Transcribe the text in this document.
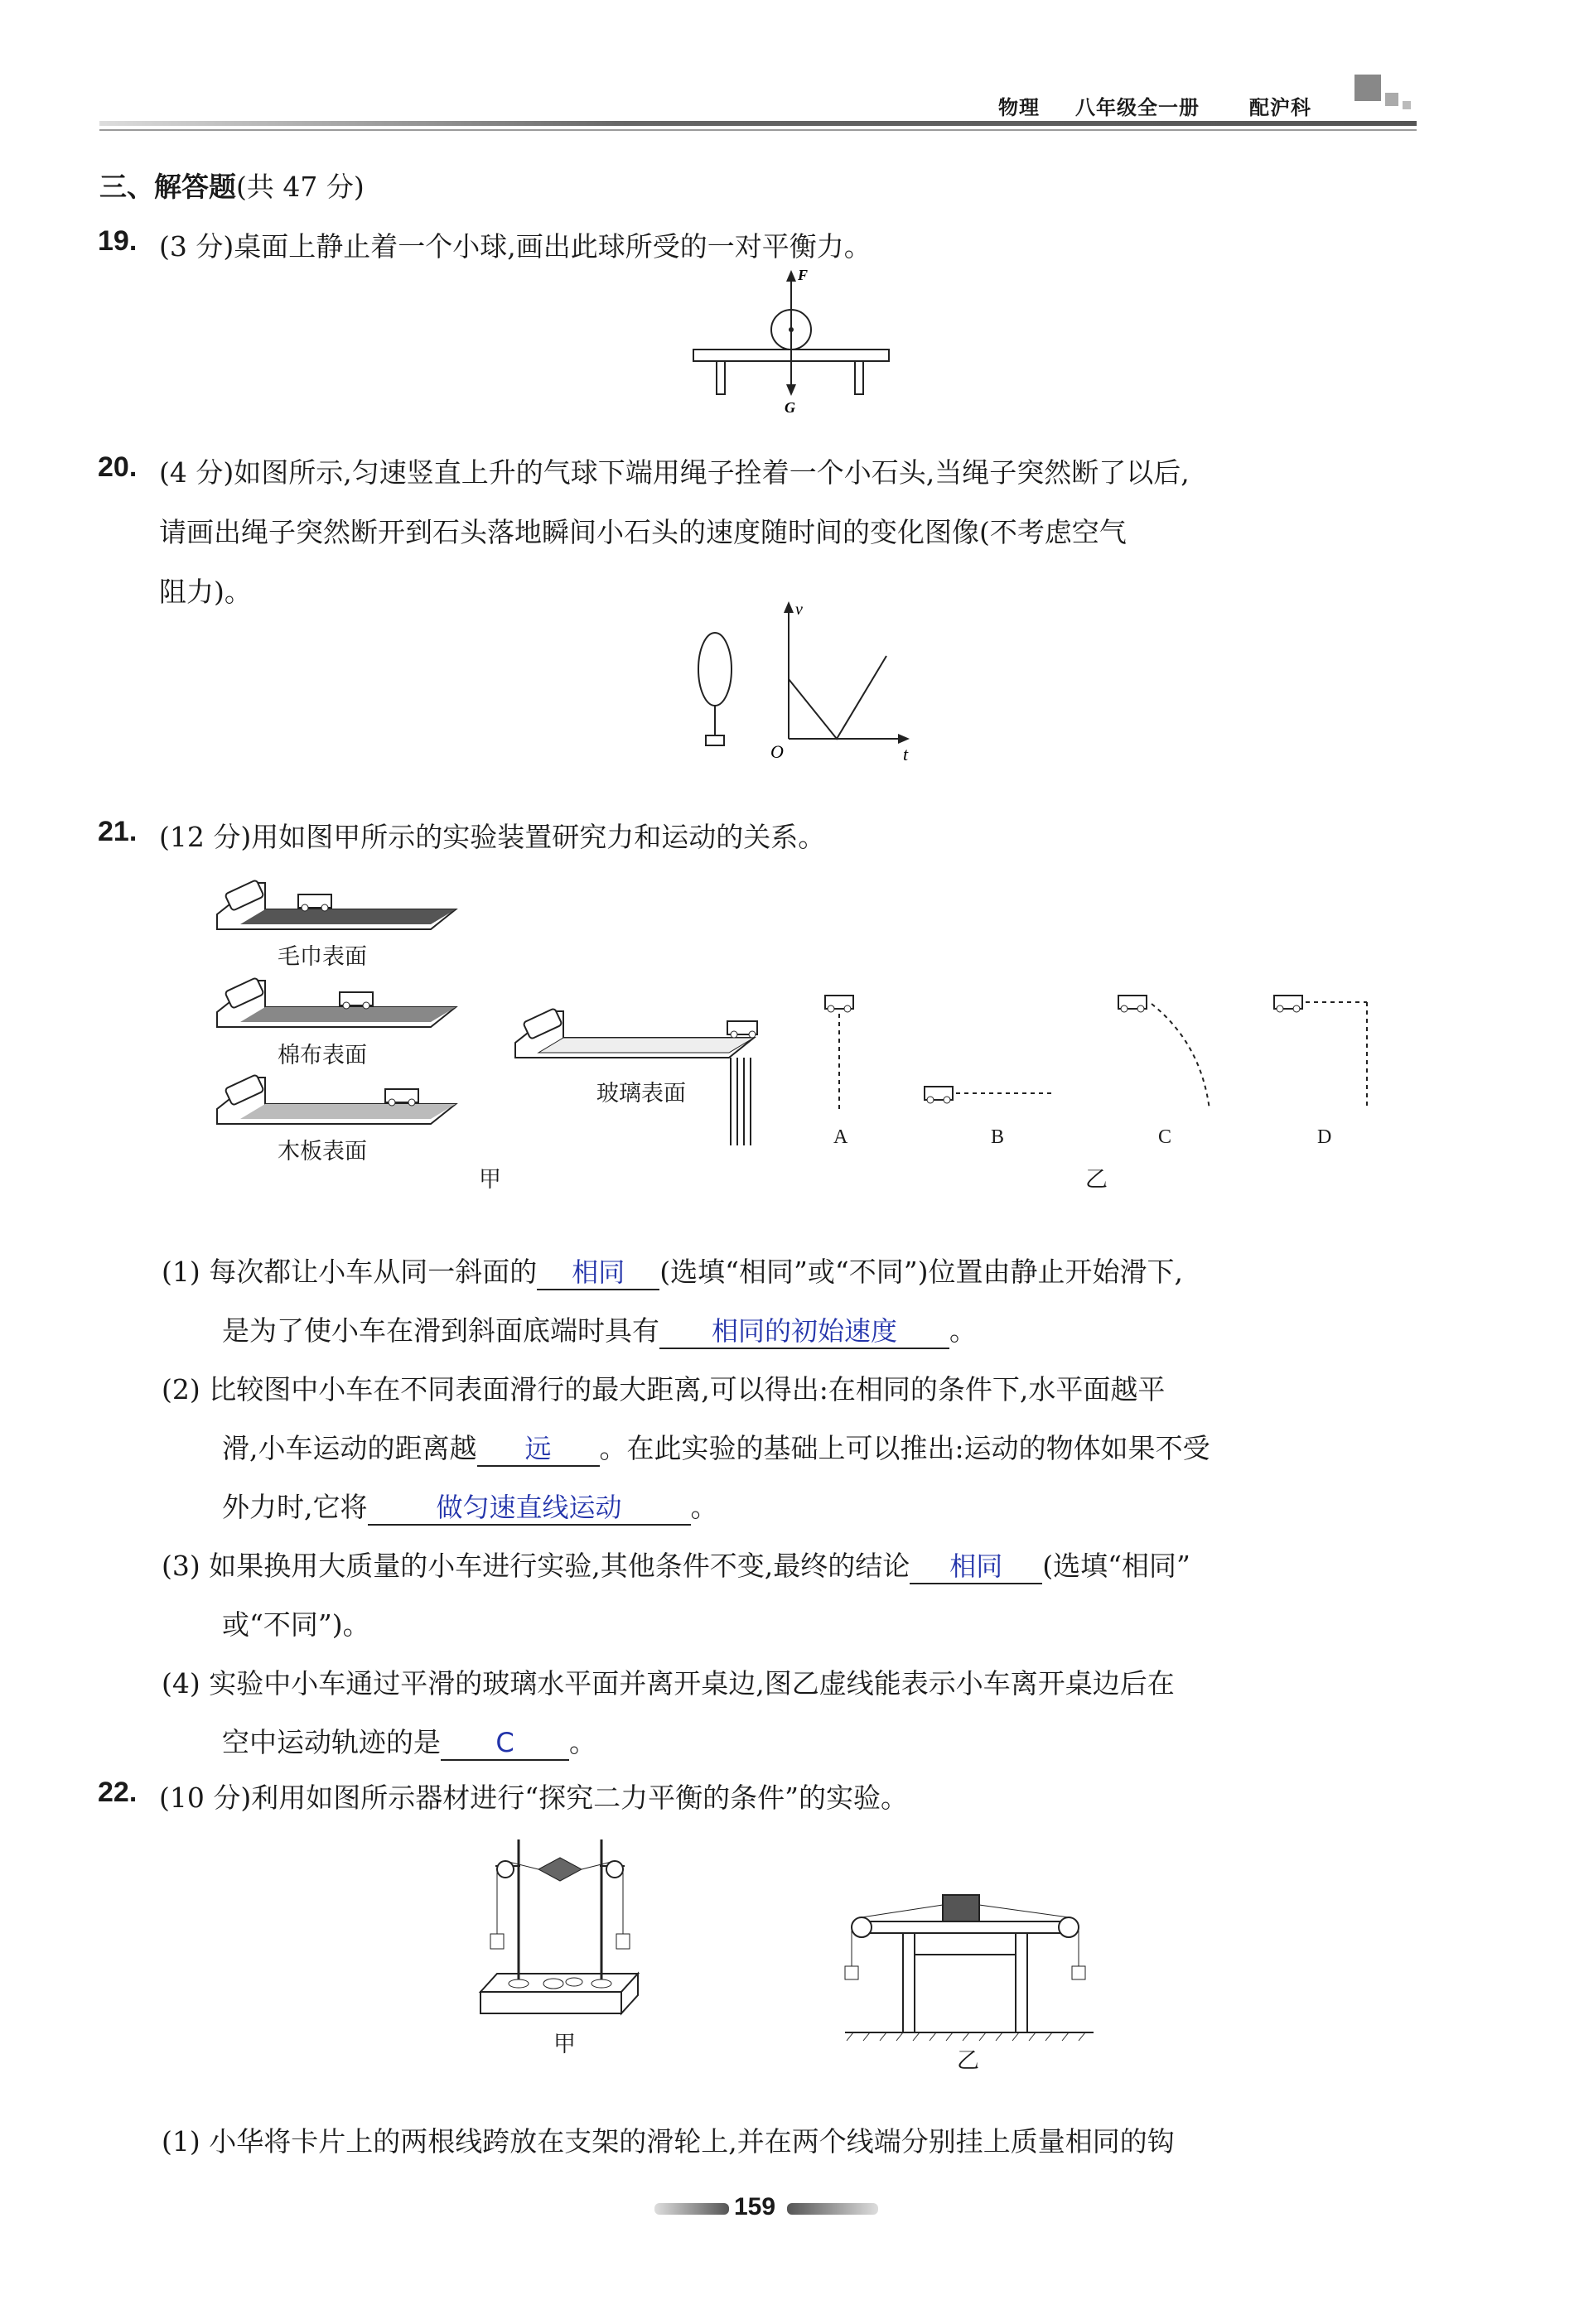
物理 八年级全一册	配沪科
三、解答题(共 47 分)
19. (3 分)桌面上静止着一个小球,画出此球所受的一对平衡力。
F
G
20. (4 分)如图所示,匀速竖直上升的气球下端用绳子拴着一个小石头,当绳子突然断了以后,
请画出绳子突然断开到石头落地瞬间小石头的速度随时间的变化图像(不考虑空气
阻力)。
v
t
O
21. (12 分)用如图甲所示的实验装置研究力和运动的关系。
毛巾表面
棉布表面
木板表面
玻璃表面
甲
A	B	C	D
乙
(1) 每次都让小车从同一斜面的 相同 (选填“相同”或“不同”)位置由静止开始滑下,
是为了使小车在滑到斜面底端时具有 相同的初始速度 。
(2) 比较图中小车在不同表面滑行的最大距离,可以得出:在相同的条件下,水平面越平
滑,小车运动的距离越 远 。在此实验的基础上可以推出:运动的物体如果不受
外力时,它将	做匀速直线运动	。
(3) 如果换用大质量的小车进行实验,其他条件不变,最终的结论 相同 (选填“相同”
或“不同”)。
(4) 实验中小车通过平滑的玻璃水平面并离开桌边,图乙虚线能表示小车离开桌边后在
空中运动轨迹的是 C 。
22. (10 分)利用如图所示器材进行“探究二力平衡的条件”的实验。
甲
乙
(1) 小华将卡片上的两根线跨放在支架的滑轮上,并在两个线端分别挂上质量相同的钩
159
